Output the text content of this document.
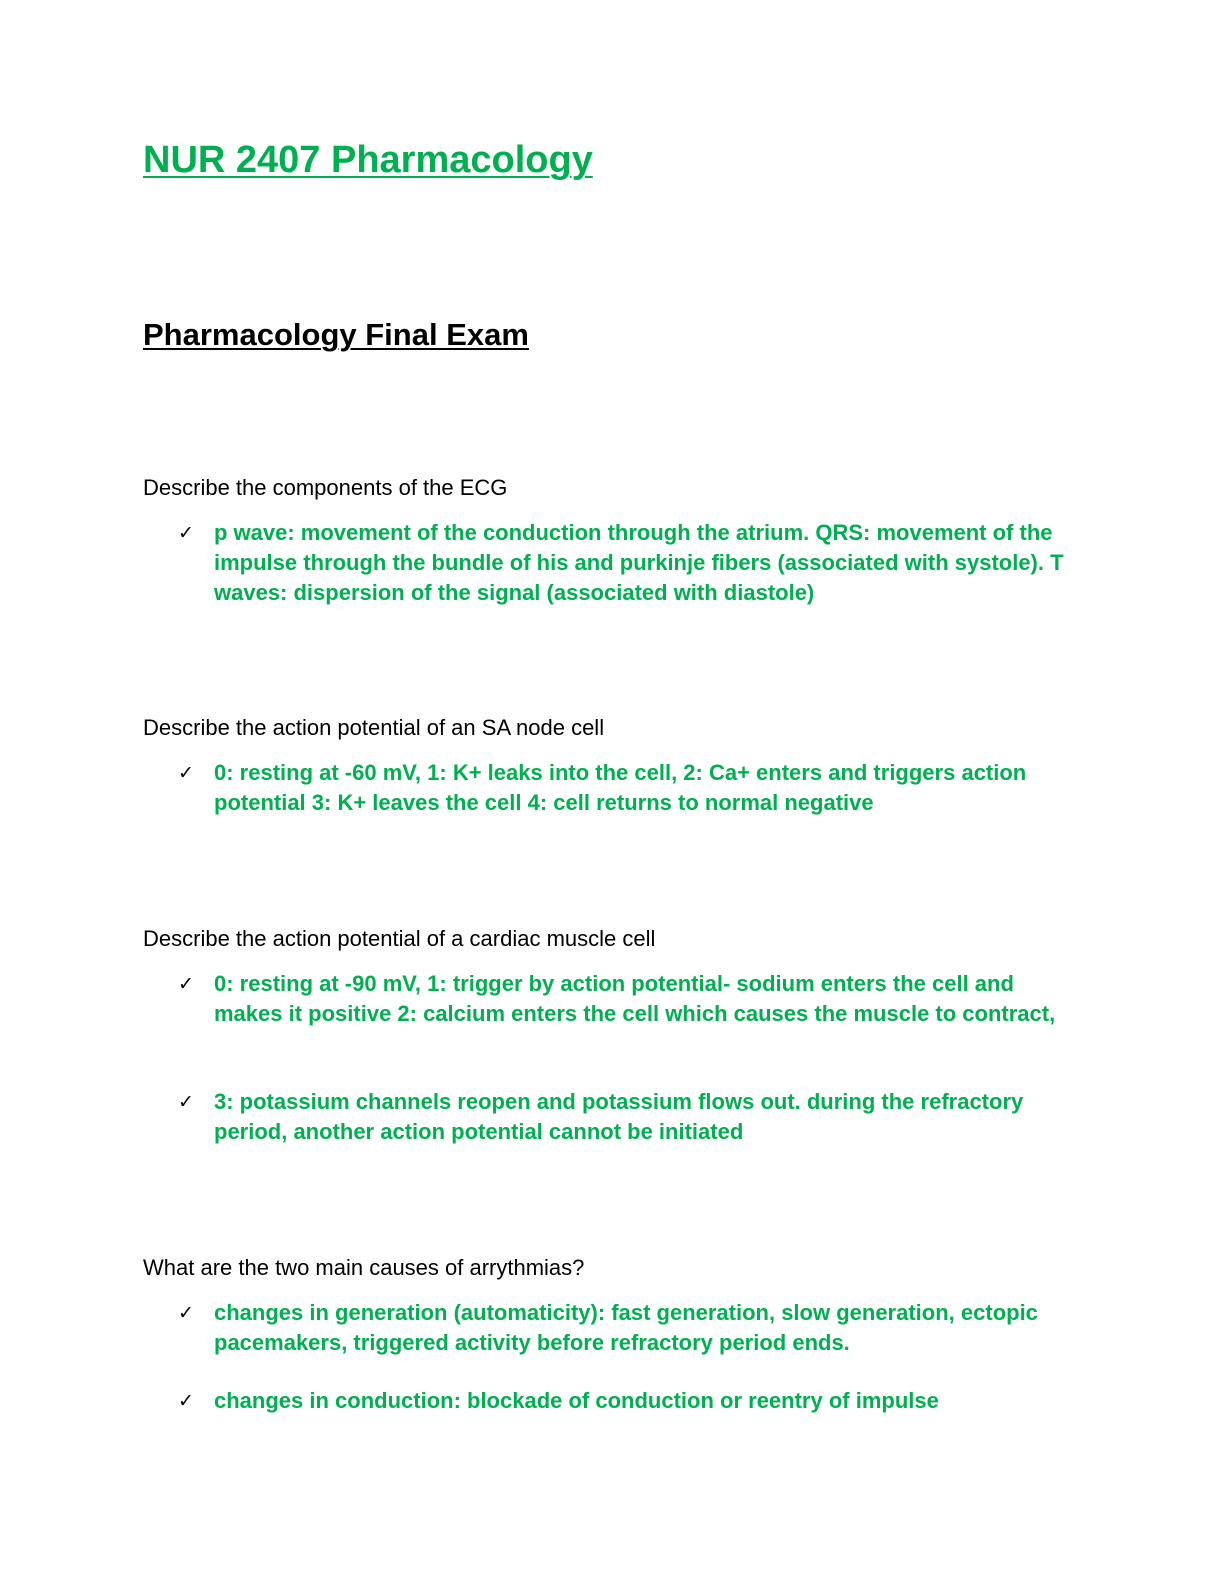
NUR 2407 Pharmacology
Pharmacology Final Exam

Describe the components of the ECG

✓ p wave: movement of the conduction through the atrium. QRS: movement of the impulse through the bundle of his and purkinje fibers (associated with systole). T waves: dispersion of the signal (associated with diastole)

Describe the action potential of an SA node cell

✓ 0: resting at -60 mV, 1: K+ leaks into the cell, 2: Ca+ enters and triggers action potential 3: K+ leaves the cell 4: cell returns to normal negative

Describe the action potential of a cardiac muscle cell

✓ 0: resting at -90 mV, 1: trigger by action potential- sodium enters the cell and makes it positive 2: calcium enters the cell which causes the muscle to contract,

✓ 3: potassium channels reopen and potassium flows out. during the refractory period, another action potential cannot be initiated

What are the two main causes of arrythmias?

✓ changes in generation (automaticity): fast generation, slow generation, ectopic pacemakers, triggered activity before refractory period ends.

✓ changes in conduction: blockade of conduction or reentry of impulse
